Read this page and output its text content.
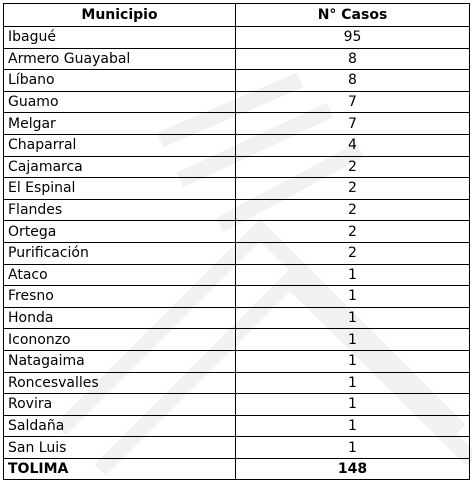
Municipio	N° Casos
Ibagué	95
Armero Guayabal	8
Líbano	8
Guamo	7
Melgar	7
Chaparral	4
Cajamarca	2
El Espinal	2
Flandes	2
Ortega	2
Purificación	2
Ataco	1
Fresno	1
Honda	1
Icononzo	1
Natagaima	1
Roncesvalles	1
Rovira	1
Saldaña	1
San Luis	1
TOLIMA	148
